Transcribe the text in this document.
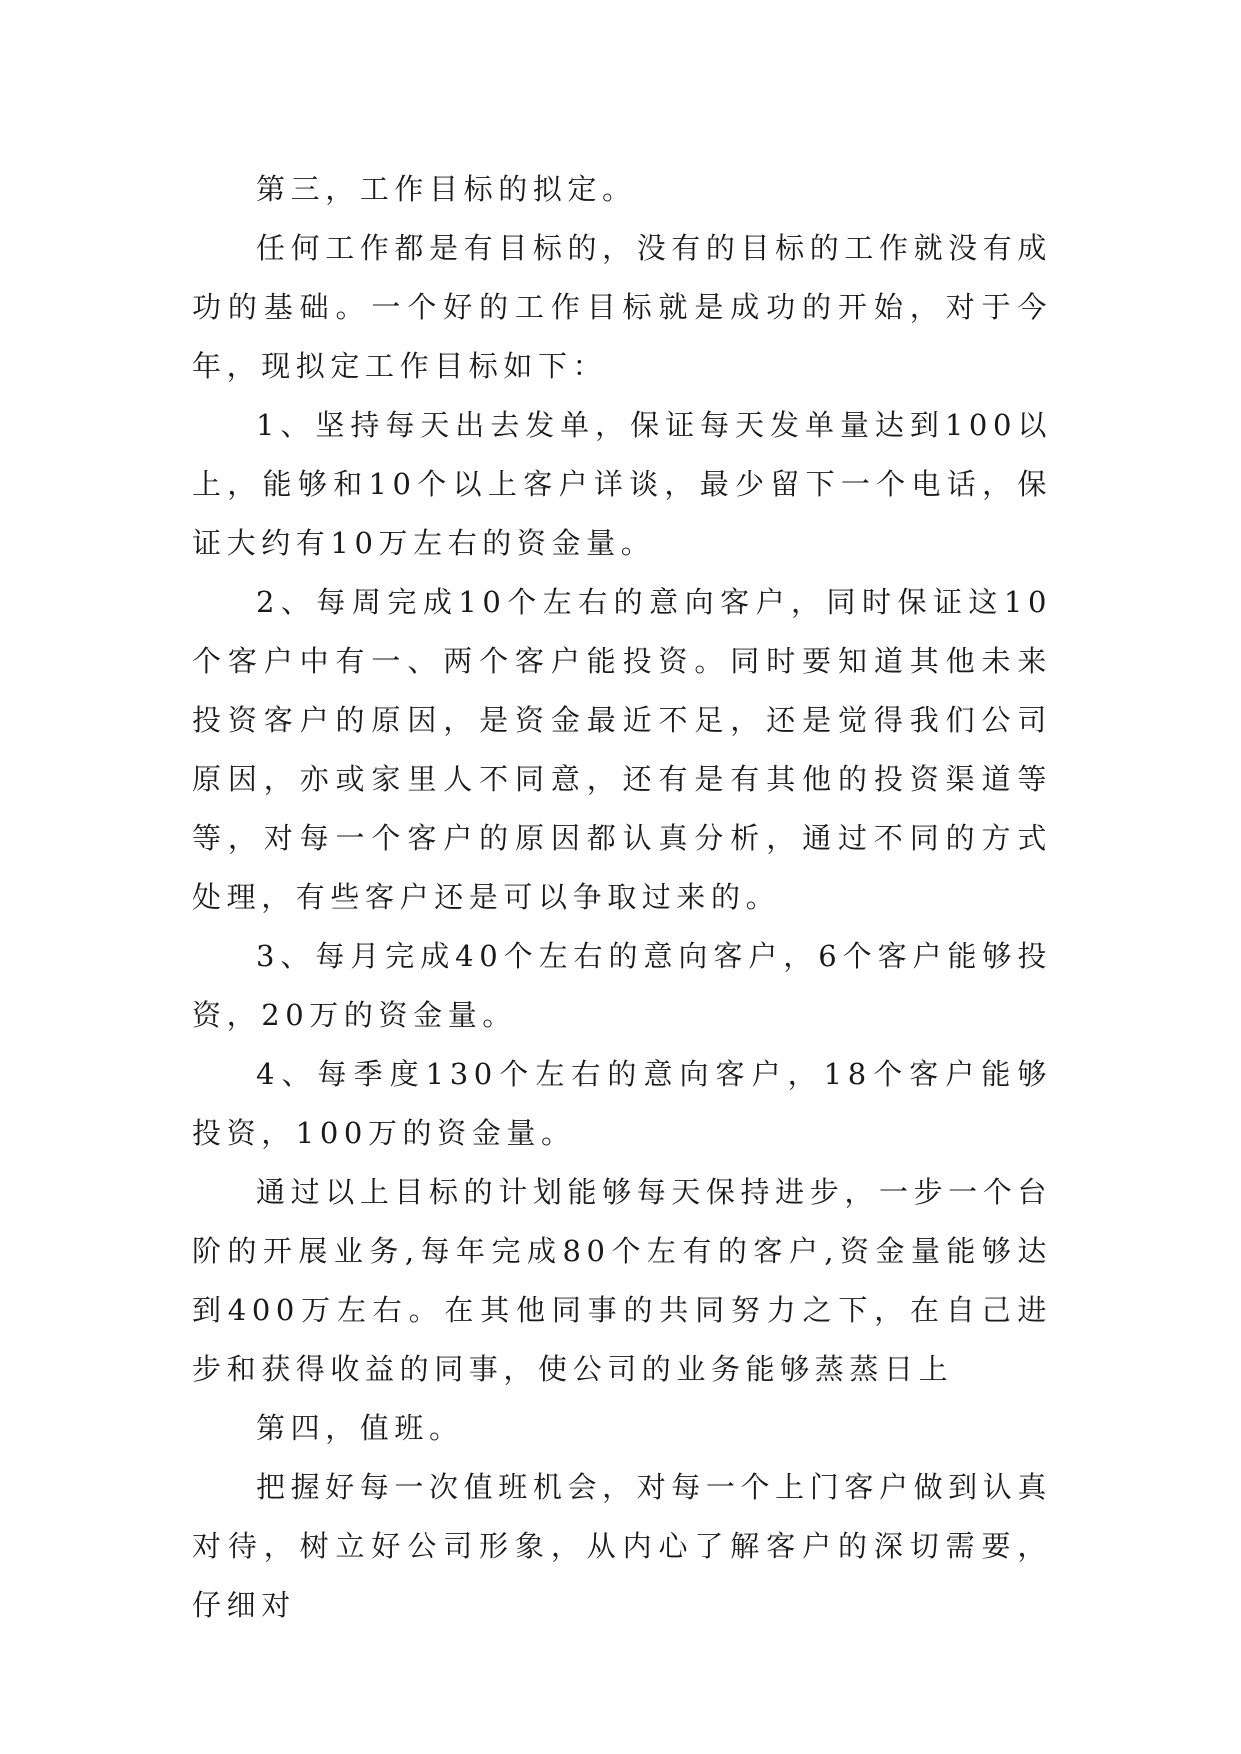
第三，工作目标的拟定。

任何工作都是有目标的，没有的目标的工作就没有成功的基础。一个好的工作目标就是成功的开始，对于今年，现拟定工作目标如下：

1、坚持每天出去发单，保证每天发单量达到100以上，能够和10个以上客户详谈，最少留下一个电话，保证大约有10万左右的资金量。

2、每周完成10个左右的意向客户，同时保证这10个客户中有一、两个客户能投资。同时要知道其他未来投资客户的原因，是资金最近不足，还是觉得我们公司原因，亦或家里人不同意，还有是有其他的投资渠道等等，对每一个客户的原因都认真分析，通过不同的方式处理，有些客户还是可以争取过来的。

3、每月完成40个左右的意向客户，6个客户能够投资，20万的资金量。

4、每季度130个左右的意向客户，18个客户能够投资，100万的资金量。

通过以上目标的计划能够每天保持进步，一步一个台阶的开展业务,每年完成80个左有的客户,资金量能够达到400万左右。在其他同事的共同努力之下，在自己进步和获得收益的同事，使公司的业务能够蒸蒸日上

第四，值班。

把握好每一次值班机会，对每一个上门客户做到认真对待，树立好公司形象，从内心了解客户的深切需要，仔细对
